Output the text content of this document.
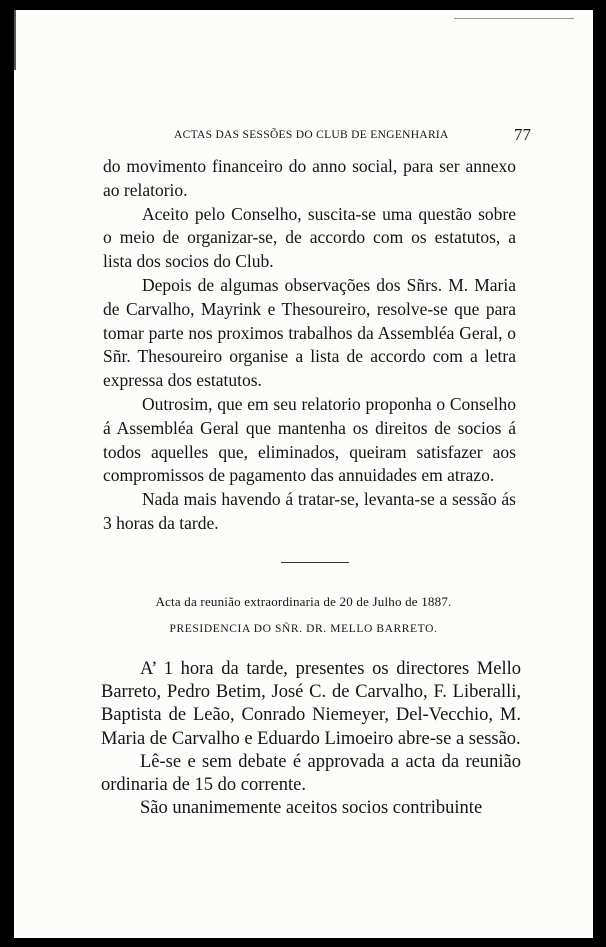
ACTAS DAS SESSÕES DO CLUB DE ENGENHARIA	77

do movimento financeiro do anno social, para ser annexo ao relatorio.

Aceito pelo Conselho, suscita-se uma questão sobre o meio de organizar-se, de accordo com os estatutos, a lista dos socios do Club.

Depois de algumas observações dos Sñrs. M. Maria de Carvalho, Mayrink e Thesoureiro, resolve-se que para tomar parte nos proximos trabalhos da Assembléa Geral, o Sñr. Thesoureiro organise a lista de accordo com a letra expressa dos estatutos.

Outrosim, que em seu relatorio proponha o Conselho á Assembléa Geral que mantenha os direitos de socios á todos aquelles que, eliminados, queiram satisfazer aos compromissos de pagamento das annuidades em atrazo.

Nada mais havendo á tratar-se, levanta-se a sessão ás 3 horas da tarde.

Acta da reunião extraordinaria de 20 de Julho de 1887.
PRESIDENCIA DO SÑR. DR. MELLO BARRETO.

A’ 1 hora da tarde, presentes os directores Mello Barreto, Pedro Betim, José C. de Carvalho, F. Liberalli, Baptista de Leão, Conrado Niemeyer, Del-Vecchio, M. Maria de Carvalho e Eduardo Limoeiro abre-se a sessão.

Lê-se e sem debate é approvada a acta da reunião ordinaria de 15 do corrente.

São unanimemente aceitos socios contribuinte
